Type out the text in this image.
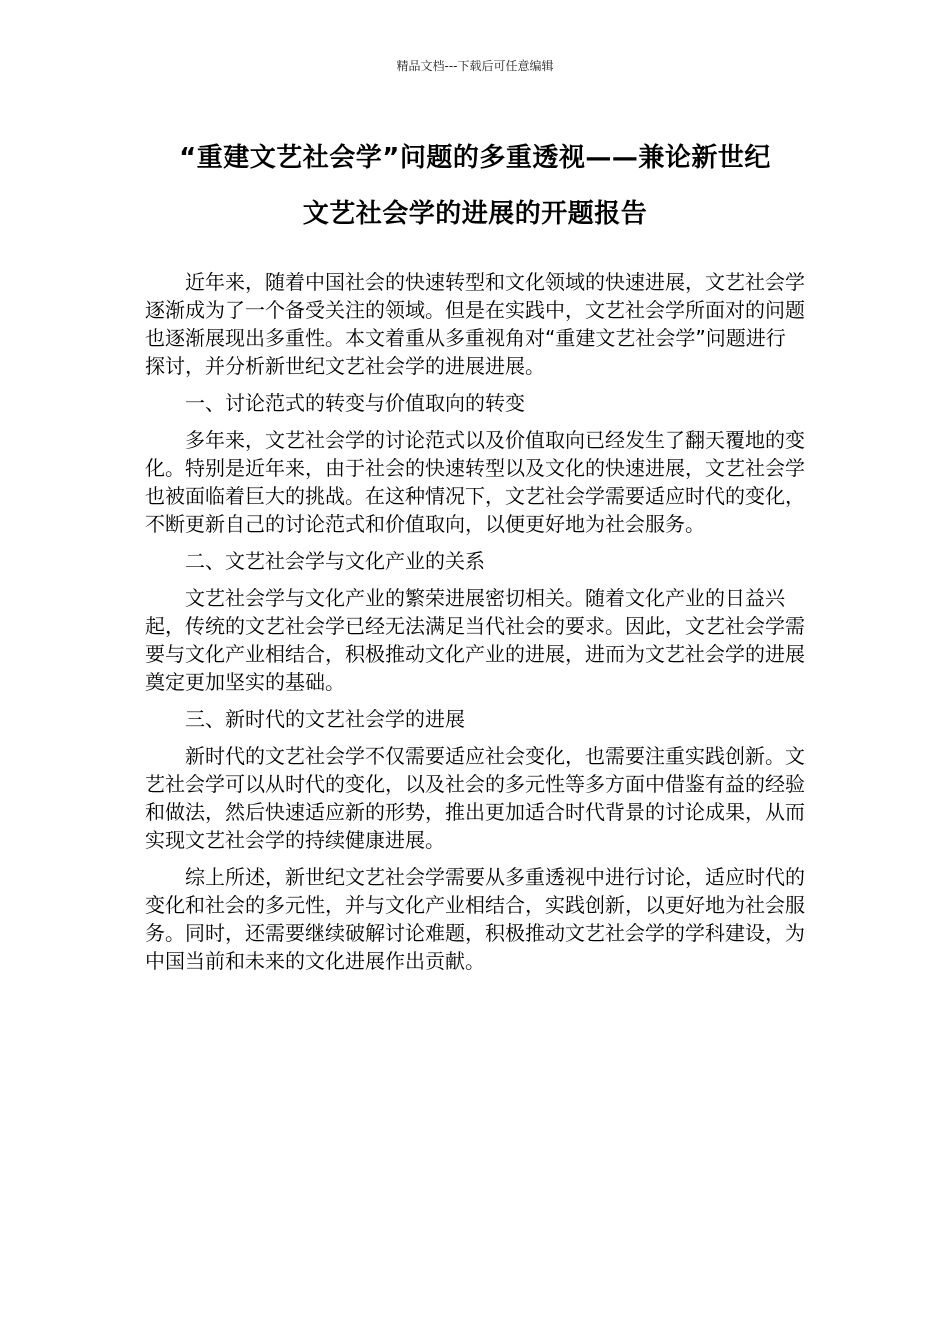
精品文档---下载后可任意编辑
“重建文艺社会学”问题的多重透视——兼论新世纪
文艺社会学的进展的开题报告

近年来，随着中国社会的快速转型和文化领域的快速进展，文艺社会学逐渐成为了一个备受关注的领域。但是在实践中，文艺社会学所面对的问题也逐渐展现出多重性。本文着重从多重视角对“重建文艺社会学”问题进行探讨，并分析新世纪文艺社会学的进展进展。

一、讨论范式的转变与价值取向的转变

多年来，文艺社会学的讨论范式以及价值取向已经发生了翻天覆地的变化。特别是近年来，由于社会的快速转型以及文化的快速进展，文艺社会学也被面临着巨大的挑战。在这种情况下，文艺社会学需要适应时代的变化，不断更新自己的讨论范式和价值取向，以便更好地为社会服务。

二、文艺社会学与文化产业的关系

文艺社会学与文化产业的繁荣进展密切相关。随着文化产业的日益兴起，传统的文艺社会学已经无法满足当代社会的要求。因此，文艺社会学需要与文化产业相结合，积极推动文化产业的进展，进而为文艺社会学的进展奠定更加坚实的基础。

三、新时代的文艺社会学的进展

新时代的文艺社会学不仅需要适应社会变化，也需要注重实践创新。文艺社会学可以从时代的变化，以及社会的多元性等多方面中借鉴有益的经验和做法，然后快速适应新的形势，推出更加适合时代背景的讨论成果，从而实现文艺社会学的持续健康进展。

综上所述，新世纪文艺社会学需要从多重透视中进行讨论，适应时代的变化和社会的多元性，并与文化产业相结合，实践创新，以更好地为社会服务。同时，还需要继续破解讨论难题，积极推动文艺社会学的学科建设，为中国当前和未来的文化进展作出贡献。
